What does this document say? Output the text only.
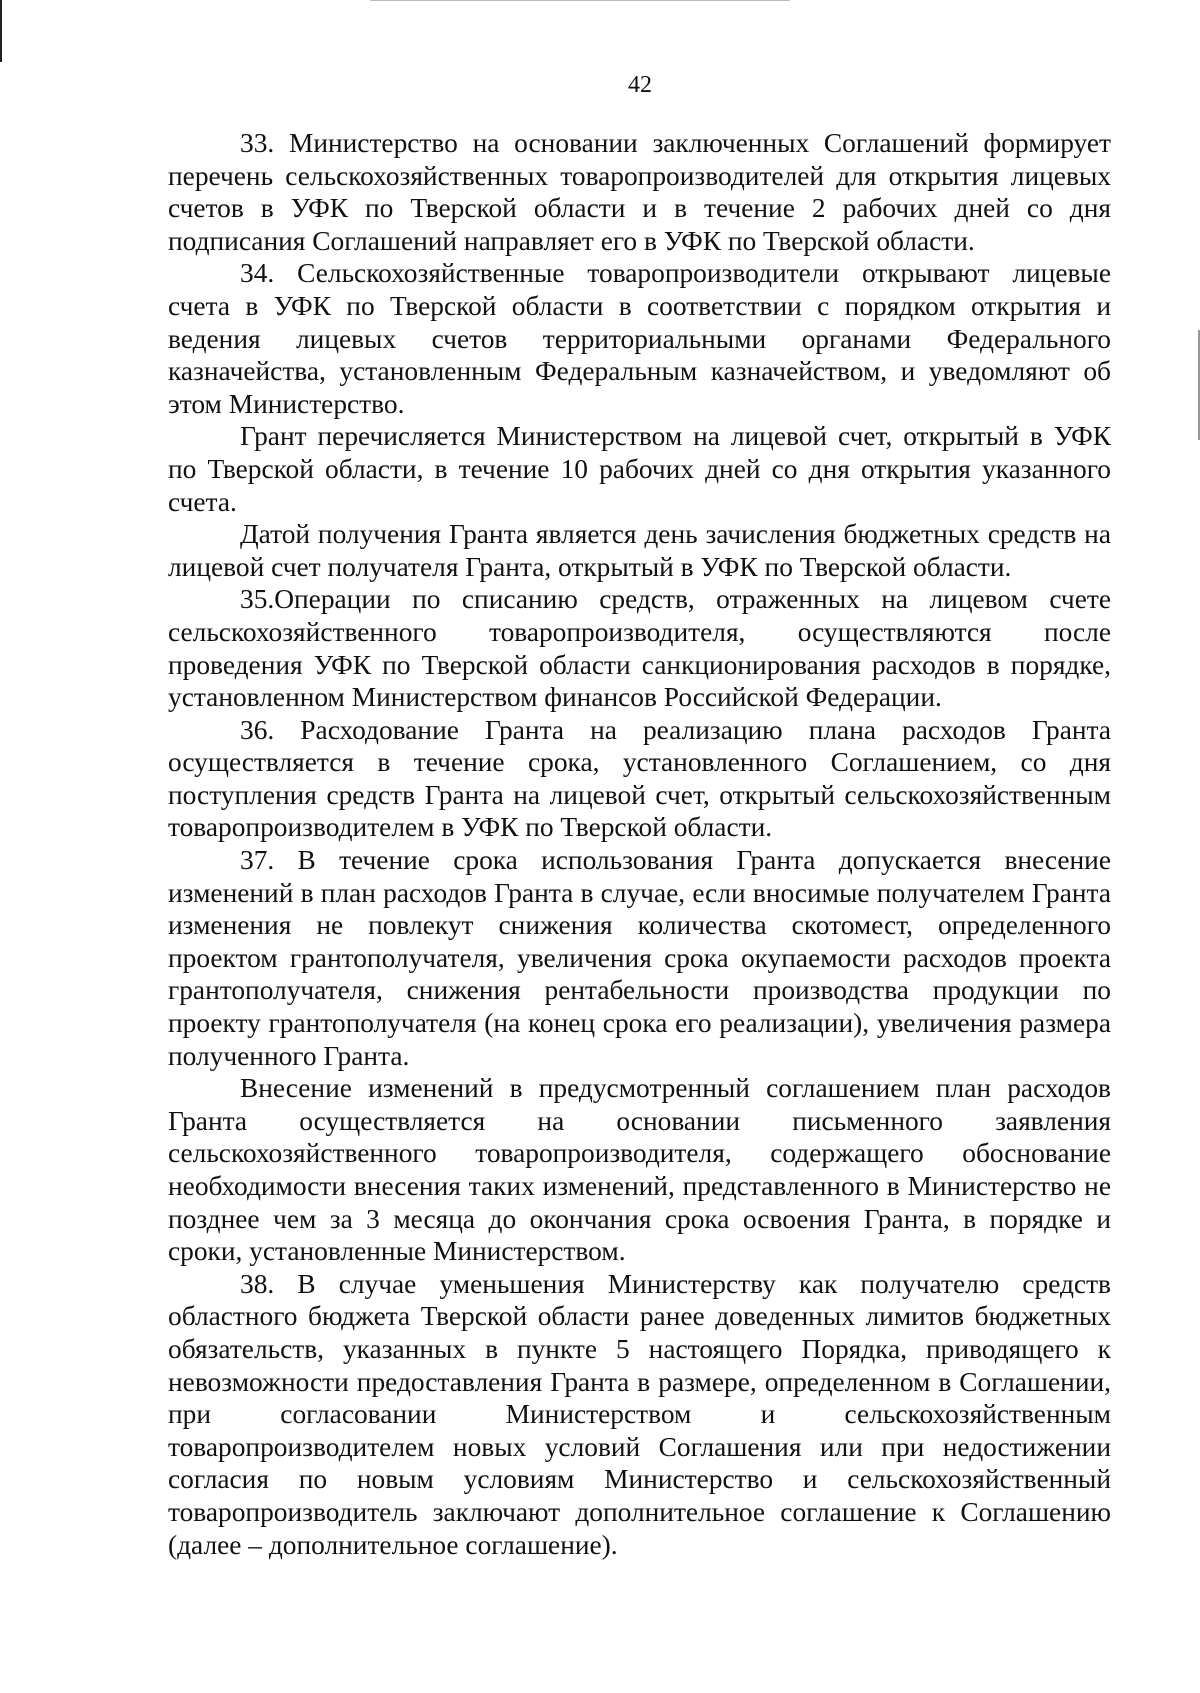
42

33. Министерство на основании заключенных Соглашений формирует перечень сельскохозяйственных товаропроизводителей для открытия лицевых счетов в УФК по Тверской области и в течение 2 рабочих дней со дня подписания Соглашений направляет его в УФК по Тверской области.

34. Сельскохозяйственные товаропроизводители открывают лицевые счета в УФК по Тверской области в соответствии с порядком открытия и ведения лицевых счетов территориальными органами Федерального казначейства, установленным Федеральным казначейством, и уведомляют об этом Министерство.

Грант перечисляется Министерством на лицевой счет, открытый в УФК по Тверской области, в течение 10 рабочих дней со дня открытия указанного счета.

Датой получения Гранта является день зачисления бюджетных средств на лицевой счет получателя Гранта, открытый в УФК по Тверской области.

35.Операции по списанию средств, отраженных на лицевом счете сельскохозяйственного товаропроизводителя, осуществляются после проведения УФК по Тверской области санкционирования расходов в порядке, установленном Министерством финансов Российской Федерации.

36. Расходование Гранта на реализацию плана расходов Гранта осуществляется в течение срока, установленного Соглашением, со дня поступления средств Гранта на лицевой счет, открытый сельскохозяйственным товаропроизводителем в УФК по Тверской области.

37. В течение срока использования Гранта допускается внесение изменений в план расходов Гранта в случае, если вносимые получателем Гранта изменения не повлекут снижения количества скотомест, определенного проектом грантополучателя, увеличения срока окупаемости расходов проекта грантополучателя, снижения рентабельности производства продукции по проекту грантополучателя (на конец срока его реализации), увеличения размера полученного Гранта.

Внесение изменений в предусмотренный соглашением план расходов Гранта осуществляется на основании письменного заявления сельскохозяйственного товаропроизводителя, содержащего обоснование необходимости внесения таких изменений, представленного в Министерство не позднее чем за 3 месяца до окончания срока освоения Гранта, в порядке и сроки, установленные Министерством.

38. В случае уменьшения Министерству как получателю средств областного бюджета Тверской области ранее доведенных лимитов бюджетных обязательств, указанных в пункте 5 настоящего Порядка, приводящего к невозможности предоставления Гранта в размере, определенном в Соглашении, при согласовании Министерством и сельскохозяйственным товаропроизводителем новых условий Соглашения или при недостижении согласия по новым условиям Министерство и сельскохозяйственный товаропроизводитель заключают дополнительное соглашение к Соглашению (далее – дополнительное соглашение).
